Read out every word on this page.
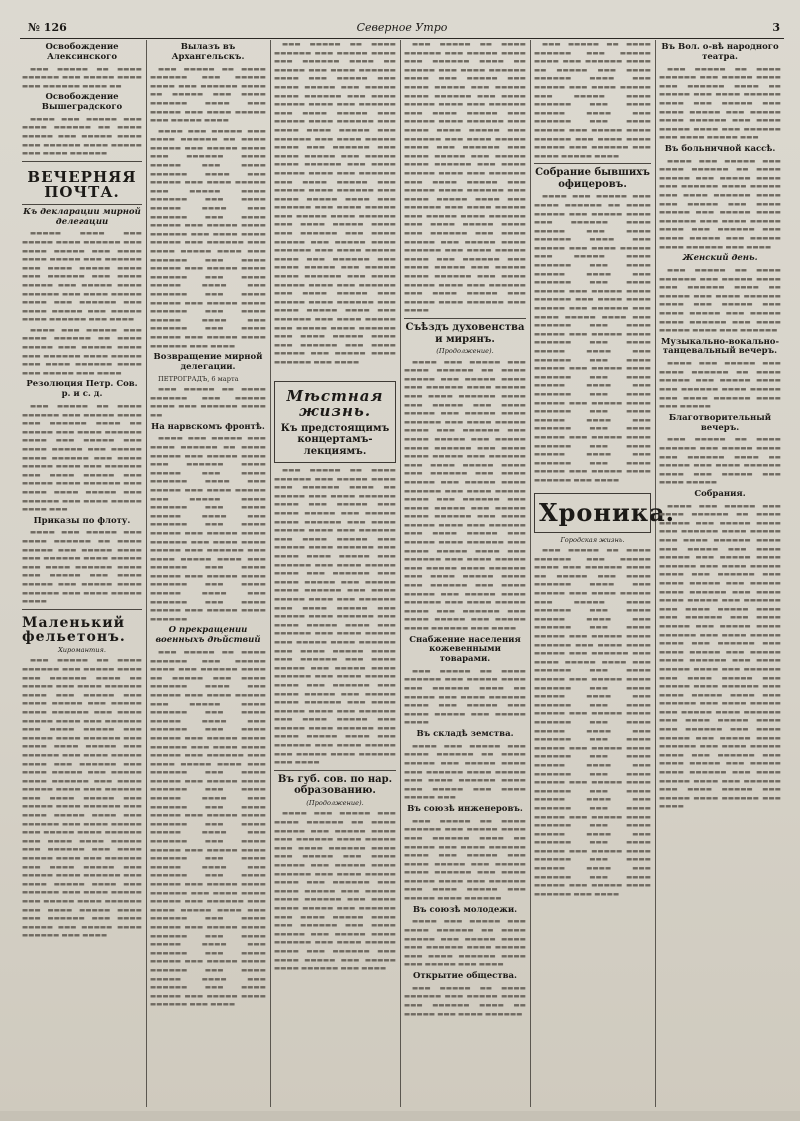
№ 126	Северное Утро	3
Освобождение Алексинского
▬▬▬ ▬▬▬▬▬ ▬▬ ▬▬▬▬ ▬▬▬▬▬▬ ▬▬▬ ▬▬▬▬▬ ▬▬▬▬ ▬▬▬ ▬▬▬▬▬▬ ▬▬▬▬ ▬▬
Освобождение Вышеградского
▬▬▬▬ ▬▬▬ ▬▬▬▬▬ ▬▬▬ ▬▬▬▬ ▬▬▬▬▬▬ ▬▬ ▬▬▬▬ ▬▬▬▬▬ ▬▬▬ ▬▬▬▬▬ ▬▬▬▬ ▬▬▬ ▬▬▬▬▬▬ ▬▬▬▬ ▬▬▬▬▬ ▬▬▬ ▬▬▬▬ ▬▬▬▬▬▬
ВЕЧЕРНЯЯ ПОЧТА.
Къ декларации мирной делегации
▬▬▬▬▬ ▬▬▬▬ ▬▬▬ ▬▬▬▬▬ ▬▬▬▬ ▬▬▬▬▬▬ ▬▬▬ ▬▬▬▬ ▬▬▬▬▬ ▬▬▬ ▬▬▬▬ ▬▬▬▬ ▬▬▬▬▬ ▬▬▬ ▬▬▬▬▬▬ ▬▬▬ ▬▬▬▬ ▬▬▬▬▬ ▬▬▬▬ ▬▬▬ ▬▬▬▬▬▬ ▬▬▬ ▬▬▬▬ ▬▬▬▬▬ ▬▬▬ ▬▬▬▬▬ ▬▬▬▬ ▬▬▬▬▬▬ ▬▬▬ ▬▬▬▬ ▬▬▬▬▬ ▬▬▬▬ ▬▬▬ ▬▬▬▬▬▬ ▬▬▬ ▬▬▬▬ ▬▬▬▬▬ ▬▬▬ ▬▬▬▬▬ ▬▬▬▬ ▬▬▬▬▬▬ ▬▬▬ ▬▬▬▬
▬▬▬▬ ▬▬▬ ▬▬▬▬▬ ▬▬▬ ▬▬▬▬ ▬▬▬▬▬▬ ▬▬ ▬▬▬▬ ▬▬▬▬▬ ▬▬▬ ▬▬▬▬▬ ▬▬▬▬ ▬▬▬ ▬▬▬▬▬▬ ▬▬▬▬ ▬▬▬▬▬ ▬▬▬ ▬▬▬▬ ▬▬▬▬▬▬ ▬▬▬▬ ▬▬▬ ▬▬▬▬▬ ▬▬▬ ▬▬▬▬
Резолюция Петр. Сов. р. и с. д.
▬▬▬ ▬▬▬▬▬ ▬▬ ▬▬▬▬ ▬▬▬▬▬▬ ▬▬▬ ▬▬▬▬▬ ▬▬▬▬ ▬▬▬ ▬▬▬▬▬▬ ▬▬▬▬ ▬▬ ▬▬▬▬▬ ▬▬▬ ▬▬▬▬ ▬▬▬▬▬▬ ▬▬▬▬ ▬▬▬ ▬▬▬▬▬ ▬▬▬ ▬▬▬▬ ▬▬▬▬▬ ▬▬▬ ▬▬▬▬▬ ▬▬▬▬ ▬▬▬▬▬▬ ▬▬▬ ▬▬▬▬ ▬▬▬▬▬ ▬▬▬▬ ▬▬▬ ▬▬▬▬▬▬ ▬▬▬ ▬▬▬▬ ▬▬▬▬▬ ▬▬▬ ▬▬▬▬▬ ▬▬▬▬ ▬▬▬▬▬▬ ▬▬▬ ▬▬▬▬ ▬▬▬▬ ▬▬▬▬▬ ▬▬▬ ▬▬▬▬▬▬ ▬▬▬ ▬▬▬▬ ▬▬▬▬▬ ▬▬▬▬ ▬▬▬
Приказы по флоту.
▬▬▬▬ ▬▬▬ ▬▬▬▬▬ ▬▬▬ ▬▬▬▬ ▬▬▬▬▬▬ ▬▬ ▬▬▬▬ ▬▬▬▬▬ ▬▬▬ ▬▬▬▬▬ ▬▬▬▬ ▬▬▬ ▬▬▬▬▬▬ ▬▬▬▬ ▬▬▬▬▬ ▬▬▬ ▬▬▬▬ ▬▬▬▬▬▬ ▬▬▬▬ ▬▬▬ ▬▬▬▬▬ ▬▬▬ ▬▬▬▬ ▬▬▬▬▬ ▬▬▬ ▬▬▬▬▬ ▬▬▬▬ ▬▬▬▬▬▬ ▬▬▬ ▬▬▬▬ ▬▬▬▬▬ ▬▬▬▬
Маленький фельетонъ.
Хиромантия.
▬▬▬ ▬▬▬▬▬ ▬▬ ▬▬▬▬ ▬▬▬▬▬▬ ▬▬▬ ▬▬▬▬▬ ▬▬▬▬ ▬▬▬ ▬▬▬▬▬▬ ▬▬▬▬ ▬▬ ▬▬▬▬▬ ▬▬▬ ▬▬▬▬ ▬▬▬▬▬▬ ▬▬▬▬ ▬▬▬ ▬▬▬▬▬ ▬▬▬ ▬▬▬▬ ▬▬▬▬▬ ▬▬▬ ▬▬▬▬▬ ▬▬▬▬ ▬▬▬▬▬▬ ▬▬▬ ▬▬▬▬ ▬▬▬▬▬ ▬▬▬▬ ▬▬▬ ▬▬▬▬▬▬ ▬▬▬ ▬▬▬▬ ▬▬▬▬▬ ▬▬▬ ▬▬▬▬▬ ▬▬▬▬ ▬▬▬▬▬▬ ▬▬▬ ▬▬▬▬ ▬▬▬▬ ▬▬▬▬▬ ▬▬▬ ▬▬▬▬▬▬ ▬▬▬ ▬▬▬▬ ▬▬▬▬▬ ▬▬▬▬ ▬▬▬ ▬▬▬▬▬▬ ▬▬▬ ▬▬▬▬ ▬▬▬▬▬ ▬▬▬ ▬▬▬▬▬ ▬▬▬▬ ▬▬▬▬▬▬ ▬▬▬ ▬▬▬▬ ▬▬▬▬▬ ▬▬▬▬ ▬▬▬ ▬▬▬▬▬▬ ▬▬▬ ▬▬▬▬ ▬▬▬▬▬ ▬▬▬ ▬▬▬▬▬ ▬▬▬▬ ▬▬▬▬▬▬ ▬▬▬ ▬▬▬▬ ▬▬▬▬▬ ▬▬▬▬ ▬▬▬ ▬▬▬▬▬▬ ▬▬▬ ▬▬▬▬ ▬▬▬▬▬ ▬▬▬ ▬▬▬▬▬ ▬▬▬▬ ▬▬▬▬▬▬ ▬▬▬ ▬▬▬▬ ▬▬▬▬ ▬▬▬▬▬ ▬▬▬ ▬▬▬▬▬▬ ▬▬▬ ▬▬▬▬ ▬▬▬▬▬ ▬▬▬▬ ▬▬▬ ▬▬▬▬▬▬ ▬▬▬ ▬▬▬▬ ▬▬▬▬▬ ▬▬▬ ▬▬▬▬▬ ▬▬▬▬ ▬▬▬▬▬▬ ▬▬▬ ▬▬▬▬ ▬▬▬▬▬ ▬▬▬▬ ▬▬▬ ▬▬▬▬▬▬ ▬▬▬ ▬▬▬▬ ▬▬▬▬▬ ▬▬▬ ▬▬▬▬▬ ▬▬▬▬ ▬▬▬▬▬▬ ▬▬▬ ▬▬▬▬ ▬▬▬▬▬ ▬▬▬▬ ▬▬▬ ▬▬▬▬▬▬ ▬▬▬ ▬▬▬▬ ▬▬▬▬▬ ▬▬▬ ▬▬▬▬▬ ▬▬▬▬ ▬▬▬▬▬▬ ▬▬▬ ▬▬▬▬
Вылазъ въ Архангельскъ.
▬▬▬ ▬▬▬▬▬ ▬▬ ▬▬▬▬ ▬▬▬▬▬▬ ▬▬▬ ▬▬▬▬▬ ▬▬▬▬ ▬▬▬ ▬▬▬▬▬▬ ▬▬▬▬ ▬▬ ▬▬▬▬▬ ▬▬▬ ▬▬▬▬ ▬▬▬▬▬▬ ▬▬▬▬ ▬▬▬ ▬▬▬▬▬ ▬▬▬ ▬▬▬▬ ▬▬▬▬▬ ▬▬▬ ▬▬▬▬▬ ▬▬▬▬
▬▬▬▬ ▬▬▬ ▬▬▬▬▬ ▬▬▬ ▬▬▬▬ ▬▬▬▬▬▬ ▬▬ ▬▬▬▬ ▬▬▬▬▬ ▬▬▬ ▬▬▬▬▬ ▬▬▬▬ ▬▬▬ ▬▬▬▬▬▬ ▬▬▬▬ ▬▬▬▬▬ ▬▬▬ ▬▬▬▬ ▬▬▬▬▬▬ ▬▬▬▬ ▬▬▬ ▬▬▬▬▬ ▬▬▬ ▬▬▬▬ ▬▬▬▬▬ ▬▬▬ ▬▬▬▬▬ ▬▬▬▬ ▬▬▬▬▬▬ ▬▬▬ ▬▬▬▬ ▬▬▬▬▬ ▬▬▬▬ ▬▬▬ ▬▬▬▬▬▬ ▬▬▬ ▬▬▬▬ ▬▬▬▬▬ ▬▬▬ ▬▬▬▬▬ ▬▬▬▬ ▬▬▬▬▬▬ ▬▬▬ ▬▬▬▬ ▬▬▬▬ ▬▬▬▬▬ ▬▬▬ ▬▬▬▬▬▬ ▬▬▬ ▬▬▬▬ ▬▬▬▬▬ ▬▬▬▬ ▬▬▬ ▬▬▬▬▬▬ ▬▬▬ ▬▬▬▬ ▬▬▬▬▬ ▬▬▬ ▬▬▬▬▬ ▬▬▬▬ ▬▬▬▬▬▬ ▬▬▬ ▬▬▬▬ ▬▬▬▬▬ ▬▬▬▬ ▬▬▬ ▬▬▬▬▬▬ ▬▬▬ ▬▬▬▬ ▬▬▬▬▬ ▬▬▬ ▬▬▬▬▬ ▬▬▬▬ ▬▬▬▬▬▬ ▬▬▬ ▬▬▬▬ ▬▬▬▬▬ ▬▬▬▬ ▬▬▬ ▬▬▬▬▬▬ ▬▬▬ ▬▬▬▬ ▬▬▬▬▬ ▬▬▬ ▬▬▬▬▬ ▬▬▬▬ ▬▬▬▬▬▬ ▬▬▬ ▬▬▬▬
Возвращение мирной делегации.
ПЕТРОГРАДЪ, 6 марта
▬▬▬ ▬▬▬▬▬ ▬▬ ▬▬▬▬ ▬▬▬▬▬▬ ▬▬▬ ▬▬▬▬▬ ▬▬▬▬ ▬▬▬ ▬▬▬▬▬▬ ▬▬▬▬ ▬▬
На нарвскомъ фронтѣ.
▬▬▬▬ ▬▬▬ ▬▬▬▬▬ ▬▬▬ ▬▬▬▬ ▬▬▬▬▬▬ ▬▬ ▬▬▬▬ ▬▬▬▬▬ ▬▬▬ ▬▬▬▬▬ ▬▬▬▬ ▬▬▬ ▬▬▬▬▬▬ ▬▬▬▬ ▬▬▬▬▬ ▬▬▬ ▬▬▬▬ ▬▬▬▬▬▬ ▬▬▬▬ ▬▬▬ ▬▬▬▬▬ ▬▬▬ ▬▬▬▬ ▬▬▬▬▬ ▬▬▬ ▬▬▬▬▬ ▬▬▬▬ ▬▬▬▬▬▬ ▬▬▬ ▬▬▬▬ ▬▬▬▬▬ ▬▬▬▬ ▬▬▬ ▬▬▬▬▬▬ ▬▬▬ ▬▬▬▬ ▬▬▬▬▬ ▬▬▬ ▬▬▬▬▬ ▬▬▬▬ ▬▬▬▬▬▬ ▬▬▬ ▬▬▬▬ ▬▬▬▬ ▬▬▬▬▬ ▬▬▬ ▬▬▬▬▬▬ ▬▬▬ ▬▬▬▬ ▬▬▬▬▬ ▬▬▬▬ ▬▬▬ ▬▬▬▬▬▬ ▬▬▬ ▬▬▬▬ ▬▬▬▬▬ ▬▬▬ ▬▬▬▬▬ ▬▬▬▬ ▬▬▬▬▬▬ ▬▬▬ ▬▬▬▬ ▬▬▬▬▬ ▬▬▬▬ ▬▬▬ ▬▬▬▬▬▬ ▬▬▬ ▬▬▬▬ ▬▬▬▬▬ ▬▬▬ ▬▬▬▬▬ ▬▬▬▬ ▬▬▬▬▬▬
О прекращении военныхъ дѣйствий
▬▬▬ ▬▬▬▬▬ ▬▬ ▬▬▬▬ ▬▬▬▬▬▬ ▬▬▬ ▬▬▬▬▬ ▬▬▬▬ ▬▬▬ ▬▬▬▬▬▬ ▬▬▬▬ ▬▬ ▬▬▬▬▬ ▬▬▬ ▬▬▬▬ ▬▬▬▬▬▬ ▬▬▬▬ ▬▬▬ ▬▬▬▬▬ ▬▬▬ ▬▬▬▬ ▬▬▬▬▬ ▬▬▬ ▬▬▬▬▬ ▬▬▬▬ ▬▬▬▬▬▬ ▬▬▬ ▬▬▬▬ ▬▬▬▬▬ ▬▬▬▬ ▬▬▬ ▬▬▬▬▬▬ ▬▬▬ ▬▬▬▬ ▬▬▬▬▬ ▬▬▬ ▬▬▬▬▬ ▬▬▬▬ ▬▬▬▬▬▬ ▬▬▬ ▬▬▬▬ ▬▬▬▬ ▬▬▬▬▬ ▬▬▬ ▬▬▬▬▬▬ ▬▬▬ ▬▬▬▬ ▬▬▬▬▬ ▬▬▬▬ ▬▬▬ ▬▬▬▬▬▬ ▬▬▬ ▬▬▬▬ ▬▬▬▬▬ ▬▬▬ ▬▬▬▬▬ ▬▬▬▬ ▬▬▬▬▬▬ ▬▬▬ ▬▬▬▬ ▬▬▬▬▬ ▬▬▬▬ ▬▬▬ ▬▬▬▬▬▬ ▬▬▬ ▬▬▬▬ ▬▬▬▬▬ ▬▬▬ ▬▬▬▬▬ ▬▬▬▬ ▬▬▬▬▬▬ ▬▬▬ ▬▬▬▬ ▬▬▬▬▬ ▬▬▬▬ ▬▬▬ ▬▬▬▬▬▬ ▬▬▬ ▬▬▬▬ ▬▬▬▬▬ ▬▬▬ ▬▬▬▬▬ ▬▬▬▬ ▬▬▬▬▬▬ ▬▬▬ ▬▬▬▬ ▬▬▬▬▬ ▬▬▬▬ ▬▬▬ ▬▬▬▬▬▬ ▬▬▬ ▬▬▬▬ ▬▬▬▬▬ ▬▬▬ ▬▬▬▬▬ ▬▬▬▬ ▬▬▬▬▬▬ ▬▬▬ ▬▬▬▬ ▬▬▬▬ ▬▬▬▬▬ ▬▬▬ ▬▬▬▬▬▬ ▬▬▬ ▬▬▬▬ ▬▬▬▬▬ ▬▬▬▬ ▬▬▬ ▬▬▬▬▬▬ ▬▬▬ ▬▬▬▬ ▬▬▬▬▬ ▬▬▬ ▬▬▬▬▬ ▬▬▬▬ ▬▬▬▬▬▬ ▬▬▬ ▬▬▬▬ ▬▬▬▬▬ ▬▬▬▬ ▬▬▬ ▬▬▬▬▬▬ ▬▬▬ ▬▬▬▬ ▬▬▬▬▬ ▬▬▬ ▬▬▬▬▬ ▬▬▬▬ ▬▬▬▬▬▬ ▬▬▬ ▬▬▬▬ ▬▬▬▬▬ ▬▬▬▬ ▬▬▬ ▬▬▬▬▬▬ ▬▬▬ ▬▬▬▬ ▬▬▬▬▬ ▬▬▬ ▬▬▬▬▬ ▬▬▬▬ ▬▬▬▬▬▬ ▬▬▬ ▬▬▬▬
▬▬▬ ▬▬▬▬▬ ▬▬ ▬▬▬▬ ▬▬▬▬▬▬ ▬▬▬ ▬▬▬▬▬ ▬▬▬▬ ▬▬▬ ▬▬▬▬▬▬ ▬▬▬▬ ▬▬ ▬▬▬▬▬ ▬▬▬ ▬▬▬▬ ▬▬▬▬▬▬ ▬▬▬▬ ▬▬▬ ▬▬▬▬▬ ▬▬▬ ▬▬▬▬ ▬▬▬▬▬ ▬▬▬ ▬▬▬▬▬ ▬▬▬▬ ▬▬▬▬▬▬ ▬▬▬ ▬▬▬▬ ▬▬▬▬▬ ▬▬▬▬ ▬▬▬ ▬▬▬▬▬▬ ▬▬▬ ▬▬▬▬ ▬▬▬▬▬ ▬▬▬ ▬▬▬▬▬ ▬▬▬▬ ▬▬▬▬▬▬ ▬▬▬ ▬▬▬▬ ▬▬▬▬ ▬▬▬▬▬ ▬▬▬ ▬▬▬▬▬▬ ▬▬▬ ▬▬▬▬ ▬▬▬▬▬ ▬▬▬▬ ▬▬▬ ▬▬▬▬▬▬ ▬▬▬ ▬▬▬▬ ▬▬▬▬▬ ▬▬▬ ▬▬▬▬▬ ▬▬▬▬ ▬▬▬▬▬▬ ▬▬▬ ▬▬▬▬ ▬▬▬▬▬ ▬▬▬▬ ▬▬▬ ▬▬▬▬▬▬ ▬▬▬ ▬▬▬▬ ▬▬▬▬▬ ▬▬▬ ▬▬▬▬▬ ▬▬▬▬ ▬▬▬▬▬▬ ▬▬▬ ▬▬▬▬ ▬▬▬▬▬ ▬▬▬▬ ▬▬▬ ▬▬▬▬▬▬ ▬▬▬ ▬▬▬▬ ▬▬▬▬▬ ▬▬▬ ▬▬▬▬▬ ▬▬▬▬ ▬▬▬▬▬▬ ▬▬▬ ▬▬▬▬ ▬▬▬▬▬ ▬▬▬▬ ▬▬▬ ▬▬▬▬▬▬ ▬▬▬ ▬▬▬▬ ▬▬▬▬▬ ▬▬▬ ▬▬▬▬▬ ▬▬▬▬ ▬▬▬▬▬▬ ▬▬▬ ▬▬▬▬ ▬▬▬▬▬ ▬▬▬▬ ▬▬▬ ▬▬▬▬▬▬ ▬▬▬ ▬▬▬▬ ▬▬▬▬▬ ▬▬▬ ▬▬▬▬▬ ▬▬▬▬ ▬▬▬▬▬▬ ▬▬▬ ▬▬▬▬ ▬▬▬▬▬ ▬▬▬▬ ▬▬▬ ▬▬▬▬▬▬ ▬▬▬ ▬▬▬▬ ▬▬▬▬▬ ▬▬▬ ▬▬▬▬▬ ▬▬▬▬ ▬▬▬▬▬▬ ▬▬▬ ▬▬▬▬ ▬▬▬▬▬ ▬▬▬▬ ▬▬▬ ▬▬▬▬▬▬ ▬▬▬ ▬▬▬▬ ▬▬▬▬▬ ▬▬▬ ▬▬▬▬▬ ▬▬▬▬ ▬▬▬▬▬▬ ▬▬▬ ▬▬▬▬ ▬▬▬▬▬ ▬▬▬▬ ▬▬▬ ▬▬▬▬▬▬ ▬▬▬ ▬▬▬▬ ▬▬▬▬▬ ▬▬▬ ▬▬▬▬▬ ▬▬▬▬ ▬▬▬▬▬▬ ▬▬▬ ▬▬▬▬
Мѣстная жизнь.
Къ предстоящимъ концертамъ-лекциямъ.
▬▬▬ ▬▬▬▬▬ ▬▬ ▬▬▬▬ ▬▬▬▬▬▬ ▬▬▬ ▬▬▬▬▬ ▬▬▬▬ ▬▬▬ ▬▬▬▬▬▬ ▬▬▬▬ ▬▬ ▬▬▬▬▬ ▬▬▬ ▬▬▬▬ ▬▬▬▬▬▬ ▬▬▬▬ ▬▬▬ ▬▬▬▬▬ ▬▬▬ ▬▬▬▬ ▬▬▬▬▬ ▬▬▬ ▬▬▬▬▬ ▬▬▬▬ ▬▬▬▬▬▬ ▬▬▬ ▬▬▬▬ ▬▬▬▬▬ ▬▬▬▬ ▬▬▬ ▬▬▬▬▬▬ ▬▬▬ ▬▬▬▬ ▬▬▬▬▬ ▬▬▬ ▬▬▬▬▬ ▬▬▬▬ ▬▬▬▬▬▬ ▬▬▬ ▬▬▬▬ ▬▬▬▬ ▬▬▬▬▬ ▬▬▬ ▬▬▬▬▬▬ ▬▬▬ ▬▬▬▬ ▬▬▬▬▬ ▬▬▬▬ ▬▬▬ ▬▬▬▬▬▬ ▬▬▬ ▬▬▬▬ ▬▬▬▬▬ ▬▬▬ ▬▬▬▬▬ ▬▬▬▬ ▬▬▬▬▬▬ ▬▬▬ ▬▬▬▬ ▬▬▬▬▬ ▬▬▬▬ ▬▬▬ ▬▬▬▬▬▬ ▬▬▬ ▬▬▬▬ ▬▬▬▬▬ ▬▬▬ ▬▬▬▬▬ ▬▬▬▬ ▬▬▬▬▬▬ ▬▬▬ ▬▬▬▬ ▬▬▬▬▬ ▬▬▬▬ ▬▬▬ ▬▬▬▬▬▬ ▬▬▬ ▬▬▬▬ ▬▬▬▬▬ ▬▬▬ ▬▬▬▬▬ ▬▬▬▬ ▬▬▬▬▬▬ ▬▬▬ ▬▬▬▬ ▬▬▬▬▬ ▬▬▬▬ ▬▬▬ ▬▬▬▬▬▬ ▬▬▬ ▬▬▬▬ ▬▬▬▬▬ ▬▬▬ ▬▬▬▬▬ ▬▬▬▬ ▬▬▬▬▬▬ ▬▬▬ ▬▬▬▬ ▬▬▬▬▬ ▬▬▬▬ ▬▬▬ ▬▬▬▬▬▬ ▬▬▬ ▬▬▬▬ ▬▬▬▬▬ ▬▬▬ ▬▬▬▬▬ ▬▬▬▬ ▬▬▬▬▬▬ ▬▬▬ ▬▬▬▬ ▬▬▬▬▬ ▬▬▬▬ ▬▬▬ ▬▬▬▬▬▬ ▬▬▬ ▬▬▬▬ ▬▬▬▬▬ ▬▬▬ ▬▬▬▬▬ ▬▬▬▬ ▬▬▬▬▬▬ ▬▬▬ ▬▬▬▬ ▬▬▬▬▬ ▬▬▬▬ ▬▬▬ ▬▬▬▬▬▬ ▬▬▬ ▬▬▬▬ ▬▬▬▬▬ ▬▬▬ ▬▬▬▬▬ ▬▬▬▬ ▬▬▬▬▬▬ ▬▬▬ ▬▬▬▬
Въ губ. сов. по нар. образованию.
(Продолжение).
▬▬▬▬ ▬▬▬ ▬▬▬▬▬ ▬▬▬ ▬▬▬▬ ▬▬▬▬▬▬ ▬▬ ▬▬▬▬ ▬▬▬▬▬ ▬▬▬ ▬▬▬▬▬ ▬▬▬▬ ▬▬▬ ▬▬▬▬▬▬ ▬▬▬▬ ▬▬▬▬▬ ▬▬▬ ▬▬▬▬ ▬▬▬▬▬▬ ▬▬▬▬ ▬▬▬ ▬▬▬▬▬ ▬▬▬ ▬▬▬▬ ▬▬▬▬▬ ▬▬▬ ▬▬▬▬▬ ▬▬▬▬ ▬▬▬▬▬▬ ▬▬▬ ▬▬▬▬ ▬▬▬▬▬ ▬▬▬▬ ▬▬▬ ▬▬▬▬▬▬ ▬▬▬ ▬▬▬▬ ▬▬▬▬▬ ▬▬▬ ▬▬▬▬▬ ▬▬▬▬ ▬▬▬▬▬▬ ▬▬▬ ▬▬▬▬ ▬▬▬▬ ▬▬▬▬▬ ▬▬▬ ▬▬▬▬▬▬ ▬▬▬ ▬▬▬▬ ▬▬▬▬▬ ▬▬▬▬ ▬▬▬ ▬▬▬▬▬▬ ▬▬▬ ▬▬▬▬ ▬▬▬▬▬ ▬▬▬ ▬▬▬▬▬ ▬▬▬▬ ▬▬▬▬▬▬ ▬▬▬ ▬▬▬▬ ▬▬▬▬▬ ▬▬▬▬ ▬▬▬ ▬▬▬▬▬▬ ▬▬▬ ▬▬▬▬ ▬▬▬▬▬ ▬▬▬ ▬▬▬▬▬ ▬▬▬▬ ▬▬▬▬▬▬ ▬▬▬ ▬▬▬▬
▬▬▬ ▬▬▬▬▬ ▬▬ ▬▬▬▬ ▬▬▬▬▬▬ ▬▬▬ ▬▬▬▬▬ ▬▬▬▬ ▬▬▬ ▬▬▬▬▬▬ ▬▬▬▬ ▬▬ ▬▬▬▬▬ ▬▬▬ ▬▬▬▬ ▬▬▬▬▬▬ ▬▬▬▬ ▬▬▬ ▬▬▬▬▬ ▬▬▬ ▬▬▬▬ ▬▬▬▬▬ ▬▬▬ ▬▬▬▬▬ ▬▬▬▬ ▬▬▬▬▬▬ ▬▬▬ ▬▬▬▬ ▬▬▬▬▬ ▬▬▬▬ ▬▬▬ ▬▬▬▬▬▬ ▬▬▬ ▬▬▬▬ ▬▬▬▬▬ ▬▬▬ ▬▬▬▬▬ ▬▬▬▬ ▬▬▬▬▬▬ ▬▬▬ ▬▬▬▬ ▬▬▬▬ ▬▬▬▬▬ ▬▬▬ ▬▬▬▬▬▬ ▬▬▬ ▬▬▬▬ ▬▬▬▬▬ ▬▬▬▬ ▬▬▬ ▬▬▬▬▬▬ ▬▬▬ ▬▬▬▬ ▬▬▬▬▬ ▬▬▬ ▬▬▬▬▬ ▬▬▬▬ ▬▬▬▬▬▬ ▬▬▬ ▬▬▬▬ ▬▬▬▬▬ ▬▬▬▬ ▬▬▬ ▬▬▬▬▬▬ ▬▬▬ ▬▬▬▬ ▬▬▬▬▬ ▬▬▬ ▬▬▬▬▬ ▬▬▬▬ ▬▬▬▬▬▬ ▬▬▬ ▬▬▬▬ ▬▬▬▬▬ ▬▬▬▬ ▬▬▬ ▬▬▬▬▬▬ ▬▬▬ ▬▬▬▬ ▬▬▬▬▬ ▬▬▬ ▬▬▬▬▬ ▬▬▬▬ ▬▬▬▬▬▬ ▬▬▬ ▬▬▬▬ ▬▬▬▬▬ ▬▬▬▬ ▬▬▬ ▬▬▬▬▬▬ ▬▬▬ ▬▬▬▬ ▬▬▬▬▬ ▬▬▬ ▬▬▬▬▬ ▬▬▬▬ ▬▬▬▬▬▬ ▬▬▬ ▬▬▬▬ ▬▬▬▬▬ ▬▬▬▬ ▬▬▬ ▬▬▬▬▬▬ ▬▬▬ ▬▬▬▬ ▬▬▬▬▬ ▬▬▬ ▬▬▬▬▬ ▬▬▬▬ ▬▬▬▬▬▬ ▬▬▬ ▬▬▬▬ ▬▬▬▬▬ ▬▬▬▬ ▬▬▬ ▬▬▬▬▬▬ ▬▬▬ ▬▬▬▬ ▬▬▬▬▬ ▬▬▬ ▬▬▬▬▬ ▬▬▬▬ ▬▬▬▬▬▬ ▬▬▬ ▬▬▬▬
Съѣздъ духовенства и мирянъ.
(Продолжение).
▬▬▬▬ ▬▬▬ ▬▬▬▬▬ ▬▬▬ ▬▬▬▬ ▬▬▬▬▬▬ ▬▬ ▬▬▬▬ ▬▬▬▬▬ ▬▬▬ ▬▬▬▬▬ ▬▬▬▬ ▬▬▬ ▬▬▬▬▬▬ ▬▬▬▬ ▬▬▬▬▬ ▬▬▬ ▬▬▬▬ ▬▬▬▬▬▬ ▬▬▬▬ ▬▬▬ ▬▬▬▬▬ ▬▬▬ ▬▬▬▬ ▬▬▬▬▬ ▬▬▬ ▬▬▬▬▬ ▬▬▬▬ ▬▬▬▬▬▬ ▬▬▬ ▬▬▬▬ ▬▬▬▬▬ ▬▬▬▬ ▬▬▬ ▬▬▬▬▬▬ ▬▬▬ ▬▬▬▬ ▬▬▬▬▬ ▬▬▬ ▬▬▬▬▬ ▬▬▬▬ ▬▬▬▬▬▬ ▬▬▬ ▬▬▬▬ ▬▬▬▬ ▬▬▬▬▬ ▬▬▬ ▬▬▬▬▬▬ ▬▬▬ ▬▬▬▬ ▬▬▬▬▬ ▬▬▬▬ ▬▬▬ ▬▬▬▬▬▬ ▬▬▬ ▬▬▬▬ ▬▬▬▬▬ ▬▬▬ ▬▬▬▬▬ ▬▬▬▬ ▬▬▬▬▬▬ ▬▬▬ ▬▬▬▬ ▬▬▬▬▬ ▬▬▬▬ ▬▬▬ ▬▬▬▬▬▬ ▬▬▬ ▬▬▬▬ ▬▬▬▬▬ ▬▬▬ ▬▬▬▬▬ ▬▬▬▬ ▬▬▬▬▬▬ ▬▬▬ ▬▬▬▬ ▬▬▬▬▬ ▬▬▬▬ ▬▬▬ ▬▬▬▬▬▬ ▬▬▬ ▬▬▬▬ ▬▬▬▬▬ ▬▬▬ ▬▬▬▬▬ ▬▬▬▬ ▬▬▬▬▬▬ ▬▬▬ ▬▬▬▬ ▬▬▬▬▬ ▬▬▬▬ ▬▬▬ ▬▬▬▬▬▬ ▬▬▬ ▬▬▬▬ ▬▬▬▬▬ ▬▬▬ ▬▬▬▬▬ ▬▬▬▬ ▬▬▬▬▬▬ ▬▬▬ ▬▬▬▬ ▬▬▬▬▬ ▬▬▬▬ ▬▬▬ ▬▬▬▬▬▬ ▬▬▬ ▬▬▬▬ ▬▬▬▬▬ ▬▬▬ ▬▬▬▬▬ ▬▬▬▬ ▬▬▬▬▬▬ ▬▬▬ ▬▬▬▬ ▬▬▬▬▬ ▬▬▬▬ ▬▬▬ ▬▬▬▬▬▬ ▬▬▬ ▬▬▬▬ ▬▬▬▬▬ ▬▬▬ ▬▬▬▬▬ ▬▬▬▬ ▬▬▬▬▬▬ ▬▬▬ ▬▬▬▬
Снабжение населения кожевенными товарами.
▬▬▬ ▬▬▬▬▬ ▬▬ ▬▬▬▬ ▬▬▬▬▬▬ ▬▬▬ ▬▬▬▬▬ ▬▬▬▬ ▬▬▬ ▬▬▬▬▬▬ ▬▬▬▬ ▬▬ ▬▬▬▬▬ ▬▬▬ ▬▬▬▬ ▬▬▬▬▬▬ ▬▬▬▬ ▬▬▬ ▬▬▬▬▬ ▬▬▬ ▬▬▬▬ ▬▬▬▬▬ ▬▬▬ ▬▬▬▬▬ ▬▬▬▬
Въ складѣ земства.
▬▬▬▬ ▬▬▬ ▬▬▬▬▬ ▬▬▬ ▬▬▬▬ ▬▬▬▬▬▬ ▬▬ ▬▬▬▬ ▬▬▬▬▬ ▬▬▬ ▬▬▬▬▬ ▬▬▬▬ ▬▬▬ ▬▬▬▬▬▬ ▬▬▬▬ ▬▬▬▬▬ ▬▬▬ ▬▬▬▬ ▬▬▬▬▬▬ ▬▬▬▬ ▬▬▬ ▬▬▬▬▬ ▬▬▬ ▬▬▬▬ ▬▬▬▬▬ ▬▬▬
Въ союзѣ инженеровъ.
▬▬▬ ▬▬▬▬▬ ▬▬ ▬▬▬▬ ▬▬▬▬▬▬ ▬▬▬ ▬▬▬▬▬ ▬▬▬▬ ▬▬▬ ▬▬▬▬▬▬ ▬▬▬▬ ▬▬ ▬▬▬▬▬ ▬▬▬ ▬▬▬▬ ▬▬▬▬▬▬ ▬▬▬▬ ▬▬▬ ▬▬▬▬▬ ▬▬▬ ▬▬▬▬ ▬▬▬▬▬ ▬▬▬ ▬▬▬▬▬ ▬▬▬▬ ▬▬▬▬▬▬ ▬▬▬ ▬▬▬▬ ▬▬▬▬▬ ▬▬▬▬ ▬▬▬ ▬▬▬▬▬▬ ▬▬▬ ▬▬▬▬ ▬▬▬▬▬ ▬▬▬ ▬▬▬▬▬ ▬▬▬▬ ▬▬▬▬▬▬
Въ союзѣ молодежи.
▬▬▬▬ ▬▬▬ ▬▬▬▬▬ ▬▬▬ ▬▬▬▬ ▬▬▬▬▬▬ ▬▬ ▬▬▬▬ ▬▬▬▬▬ ▬▬▬ ▬▬▬▬▬ ▬▬▬▬ ▬▬▬ ▬▬▬▬▬▬ ▬▬▬▬ ▬▬▬▬▬ ▬▬▬ ▬▬▬▬ ▬▬▬▬▬▬ ▬▬▬▬ ▬▬▬ ▬▬▬▬▬ ▬▬▬ ▬▬▬▬
Открытие общества.
▬▬▬ ▬▬▬▬▬ ▬▬ ▬▬▬▬ ▬▬▬▬▬▬ ▬▬▬ ▬▬▬▬▬ ▬▬▬▬ ▬▬▬ ▬▬▬▬▬▬ ▬▬▬▬ ▬▬ ▬▬▬▬▬ ▬▬▬ ▬▬▬▬ ▬▬▬▬▬▬
▬▬▬ ▬▬▬▬▬ ▬▬ ▬▬▬▬ ▬▬▬▬▬▬ ▬▬▬ ▬▬▬▬▬ ▬▬▬▬ ▬▬▬ ▬▬▬▬▬▬ ▬▬▬▬ ▬▬ ▬▬▬▬▬ ▬▬▬ ▬▬▬▬ ▬▬▬▬▬▬ ▬▬▬▬ ▬▬▬ ▬▬▬▬▬ ▬▬▬ ▬▬▬▬ ▬▬▬▬▬ ▬▬▬ ▬▬▬▬▬ ▬▬▬▬ ▬▬▬▬▬▬ ▬▬▬ ▬▬▬▬ ▬▬▬▬▬ ▬▬▬▬ ▬▬▬ ▬▬▬▬▬▬ ▬▬▬ ▬▬▬▬ ▬▬▬▬▬ ▬▬▬ ▬▬▬▬▬ ▬▬▬▬ ▬▬▬▬▬▬ ▬▬▬ ▬▬▬▬ ▬▬▬▬ ▬▬▬▬▬ ▬▬▬ ▬▬▬▬▬▬ ▬▬▬ ▬▬▬▬ ▬▬▬▬▬ ▬▬▬▬
Собрание бывшихъ офицеровъ.
▬▬▬▬ ▬▬▬ ▬▬▬▬▬ ▬▬▬ ▬▬▬▬ ▬▬▬▬▬▬ ▬▬ ▬▬▬▬ ▬▬▬▬▬ ▬▬▬ ▬▬▬▬▬ ▬▬▬▬ ▬▬▬ ▬▬▬▬▬▬ ▬▬▬▬ ▬▬▬▬▬ ▬▬▬ ▬▬▬▬ ▬▬▬▬▬▬ ▬▬▬▬ ▬▬▬ ▬▬▬▬▬ ▬▬▬ ▬▬▬▬ ▬▬▬▬▬ ▬▬▬ ▬▬▬▬▬ ▬▬▬▬ ▬▬▬▬▬▬ ▬▬▬ ▬▬▬▬ ▬▬▬▬▬ ▬▬▬▬ ▬▬▬ ▬▬▬▬▬▬ ▬▬▬ ▬▬▬▬ ▬▬▬▬▬ ▬▬▬ ▬▬▬▬▬ ▬▬▬▬ ▬▬▬▬▬▬ ▬▬▬ ▬▬▬▬ ▬▬▬▬ ▬▬▬▬▬ ▬▬▬ ▬▬▬▬▬▬ ▬▬▬ ▬▬▬▬ ▬▬▬▬▬ ▬▬▬▬ ▬▬▬ ▬▬▬▬▬▬ ▬▬▬ ▬▬▬▬ ▬▬▬▬▬ ▬▬▬ ▬▬▬▬▬ ▬▬▬▬ ▬▬▬▬▬▬ ▬▬▬ ▬▬▬▬ ▬▬▬▬▬ ▬▬▬▬ ▬▬▬ ▬▬▬▬▬▬ ▬▬▬ ▬▬▬▬ ▬▬▬▬▬ ▬▬▬ ▬▬▬▬▬ ▬▬▬▬ ▬▬▬▬▬▬ ▬▬▬ ▬▬▬▬ ▬▬▬▬▬ ▬▬▬▬ ▬▬▬ ▬▬▬▬▬▬ ▬▬▬ ▬▬▬▬ ▬▬▬▬▬ ▬▬▬ ▬▬▬▬▬ ▬▬▬▬ ▬▬▬▬▬▬ ▬▬▬ ▬▬▬▬ ▬▬▬▬▬ ▬▬▬▬ ▬▬▬ ▬▬▬▬▬▬ ▬▬▬ ▬▬▬▬ ▬▬▬▬▬ ▬▬▬ ▬▬▬▬▬ ▬▬▬▬ ▬▬▬▬▬▬ ▬▬▬ ▬▬▬▬ ▬▬▬▬▬ ▬▬▬▬ ▬▬▬ ▬▬▬▬▬▬ ▬▬▬ ▬▬▬▬ ▬▬▬▬▬ ▬▬▬ ▬▬▬▬▬ ▬▬▬▬ ▬▬▬▬▬▬ ▬▬▬ ▬▬▬▬
Хроника.
Городская жизнь.
▬▬▬ ▬▬▬▬▬ ▬▬ ▬▬▬▬ ▬▬▬▬▬▬ ▬▬▬ ▬▬▬▬▬ ▬▬▬▬ ▬▬▬ ▬▬▬▬▬▬ ▬▬▬▬ ▬▬ ▬▬▬▬▬ ▬▬▬ ▬▬▬▬ ▬▬▬▬▬▬ ▬▬▬▬ ▬▬▬ ▬▬▬▬▬ ▬▬▬ ▬▬▬▬ ▬▬▬▬▬ ▬▬▬ ▬▬▬▬▬ ▬▬▬▬ ▬▬▬▬▬▬ ▬▬▬ ▬▬▬▬ ▬▬▬▬▬ ▬▬▬▬ ▬▬▬ ▬▬▬▬▬▬ ▬▬▬ ▬▬▬▬ ▬▬▬▬▬ ▬▬▬ ▬▬▬▬▬ ▬▬▬▬ ▬▬▬▬▬▬ ▬▬▬ ▬▬▬▬ ▬▬▬▬ ▬▬▬▬▬ ▬▬▬ ▬▬▬▬▬▬ ▬▬▬ ▬▬▬▬ ▬▬▬▬▬ ▬▬▬▬ ▬▬▬ ▬▬▬▬▬▬ ▬▬▬ ▬▬▬▬ ▬▬▬▬▬ ▬▬▬ ▬▬▬▬▬ ▬▬▬▬ ▬▬▬▬▬▬ ▬▬▬ ▬▬▬▬ ▬▬▬▬▬ ▬▬▬▬ ▬▬▬ ▬▬▬▬▬▬ ▬▬▬ ▬▬▬▬ ▬▬▬▬▬ ▬▬▬ ▬▬▬▬▬ ▬▬▬▬ ▬▬▬▬▬▬ ▬▬▬ ▬▬▬▬ ▬▬▬▬▬ ▬▬▬▬ ▬▬▬ ▬▬▬▬▬▬ ▬▬▬ ▬▬▬▬ ▬▬▬▬▬ ▬▬▬ ▬▬▬▬▬ ▬▬▬▬ ▬▬▬▬▬▬ ▬▬▬ ▬▬▬▬ ▬▬▬▬▬ ▬▬▬▬ ▬▬▬ ▬▬▬▬▬▬ ▬▬▬ ▬▬▬▬ ▬▬▬▬▬ ▬▬▬ ▬▬▬▬▬ ▬▬▬▬ ▬▬▬▬▬▬ ▬▬▬ ▬▬▬▬ ▬▬▬▬▬ ▬▬▬▬ ▬▬▬ ▬▬▬▬▬▬ ▬▬▬ ▬▬▬▬ ▬▬▬▬▬ ▬▬▬ ▬▬▬▬▬ ▬▬▬▬ ▬▬▬▬▬▬ ▬▬▬ ▬▬▬▬ ▬▬▬▬▬ ▬▬▬▬ ▬▬▬ ▬▬▬▬▬▬ ▬▬▬ ▬▬▬▬ ▬▬▬▬▬ ▬▬▬ ▬▬▬▬▬ ▬▬▬▬ ▬▬▬▬▬▬ ▬▬▬ ▬▬▬▬ ▬▬▬▬▬ ▬▬▬▬ ▬▬▬ ▬▬▬▬▬▬ ▬▬▬ ▬▬▬▬ ▬▬▬▬▬ ▬▬▬ ▬▬▬▬▬ ▬▬▬▬ ▬▬▬▬▬▬ ▬▬▬ ▬▬▬▬
Въ Вол. о-вѣ народного театра.
▬▬▬ ▬▬▬▬▬ ▬▬ ▬▬▬▬ ▬▬▬▬▬▬ ▬▬▬ ▬▬▬▬▬ ▬▬▬▬ ▬▬▬ ▬▬▬▬▬▬ ▬▬▬▬ ▬▬ ▬▬▬▬▬ ▬▬▬ ▬▬▬▬ ▬▬▬▬▬▬ ▬▬▬▬ ▬▬▬ ▬▬▬▬▬ ▬▬▬ ▬▬▬▬ ▬▬▬▬▬ ▬▬▬ ▬▬▬▬▬ ▬▬▬▬ ▬▬▬▬▬▬ ▬▬▬ ▬▬▬▬ ▬▬▬▬▬ ▬▬▬▬ ▬▬▬ ▬▬▬▬▬▬ ▬▬▬ ▬▬▬▬ ▬▬▬▬▬ ▬▬▬
Въ больничной кассѣ.
▬▬▬▬ ▬▬▬ ▬▬▬▬▬ ▬▬▬ ▬▬▬▬ ▬▬▬▬▬▬ ▬▬ ▬▬▬▬ ▬▬▬▬▬ ▬▬▬ ▬▬▬▬▬ ▬▬▬▬ ▬▬▬ ▬▬▬▬▬▬ ▬▬▬▬ ▬▬▬▬▬ ▬▬▬ ▬▬▬▬ ▬▬▬▬▬▬ ▬▬▬▬ ▬▬▬ ▬▬▬▬▬ ▬▬▬ ▬▬▬▬ ▬▬▬▬▬ ▬▬▬ ▬▬▬▬▬ ▬▬▬▬ ▬▬▬▬▬▬ ▬▬▬ ▬▬▬▬ ▬▬▬▬▬ ▬▬▬▬ ▬▬▬ ▬▬▬▬▬▬ ▬▬▬ ▬▬▬▬ ▬▬▬▬▬ ▬▬▬ ▬▬▬▬▬ ▬▬▬▬ ▬▬▬▬▬▬ ▬▬▬ ▬▬▬▬
Женский день.
▬▬▬ ▬▬▬▬▬ ▬▬ ▬▬▬▬ ▬▬▬▬▬▬ ▬▬▬ ▬▬▬▬▬ ▬▬▬▬ ▬▬▬ ▬▬▬▬▬▬ ▬▬▬▬ ▬▬ ▬▬▬▬▬ ▬▬▬ ▬▬▬▬ ▬▬▬▬▬▬ ▬▬▬▬ ▬▬▬ ▬▬▬▬▬ ▬▬▬ ▬▬▬▬ ▬▬▬▬▬ ▬▬▬ ▬▬▬▬▬ ▬▬▬▬ ▬▬▬▬▬▬ ▬▬▬ ▬▬▬▬ ▬▬▬▬▬ ▬▬▬▬ ▬▬▬ ▬▬▬▬▬▬
Музыкально-вокально-танцевальный вечеръ.
▬▬▬▬ ▬▬▬ ▬▬▬▬▬ ▬▬▬ ▬▬▬▬ ▬▬▬▬▬▬ ▬▬ ▬▬▬▬ ▬▬▬▬▬ ▬▬▬ ▬▬▬▬▬ ▬▬▬▬ ▬▬▬ ▬▬▬▬▬▬ ▬▬▬▬ ▬▬▬▬▬ ▬▬▬ ▬▬▬▬ ▬▬▬▬▬▬ ▬▬▬▬ ▬▬▬ ▬▬▬▬▬
Благотворительный вечеръ.
▬▬▬ ▬▬▬▬▬ ▬▬ ▬▬▬▬ ▬▬▬▬▬▬ ▬▬▬ ▬▬▬▬▬ ▬▬▬▬ ▬▬▬ ▬▬▬▬▬▬ ▬▬▬▬ ▬▬ ▬▬▬▬▬ ▬▬▬ ▬▬▬▬ ▬▬▬▬▬▬ ▬▬▬▬ ▬▬▬ ▬▬▬▬▬ ▬▬▬ ▬▬▬▬ ▬▬▬▬▬
Собрания.
▬▬▬▬ ▬▬▬ ▬▬▬▬▬ ▬▬▬ ▬▬▬▬ ▬▬▬▬▬▬ ▬▬ ▬▬▬▬ ▬▬▬▬▬ ▬▬▬ ▬▬▬▬▬ ▬▬▬▬ ▬▬▬ ▬▬▬▬▬▬ ▬▬▬▬ ▬▬▬▬▬ ▬▬▬ ▬▬▬▬ ▬▬▬▬▬▬ ▬▬▬▬ ▬▬▬ ▬▬▬▬▬ ▬▬▬ ▬▬▬▬ ▬▬▬▬▬ ▬▬▬ ▬▬▬▬▬ ▬▬▬▬ ▬▬▬▬▬▬ ▬▬▬ ▬▬▬▬ ▬▬▬▬▬ ▬▬▬▬ ▬▬▬ ▬▬▬▬▬▬ ▬▬▬ ▬▬▬▬ ▬▬▬▬▬ ▬▬▬ ▬▬▬▬▬ ▬▬▬▬ ▬▬▬▬▬▬ ▬▬▬ ▬▬▬▬ ▬▬▬▬ ▬▬▬▬▬ ▬▬▬ ▬▬▬▬▬▬ ▬▬▬ ▬▬▬▬ ▬▬▬▬▬ ▬▬▬▬ ▬▬▬ ▬▬▬▬▬▬ ▬▬▬ ▬▬▬▬ ▬▬▬▬▬ ▬▬▬ ▬▬▬▬▬ ▬▬▬▬ ▬▬▬▬▬▬ ▬▬▬ ▬▬▬▬ ▬▬▬▬▬ ▬▬▬▬ ▬▬▬ ▬▬▬▬▬▬ ▬▬▬ ▬▬▬▬ ▬▬▬▬▬ ▬▬▬ ▬▬▬▬▬ ▬▬▬▬ ▬▬▬▬▬▬ ▬▬▬ ▬▬▬▬ ▬▬▬▬▬ ▬▬▬▬ ▬▬▬ ▬▬▬▬▬▬ ▬▬▬ ▬▬▬▬ ▬▬▬▬▬ ▬▬▬ ▬▬▬▬▬ ▬▬▬▬ ▬▬▬▬▬▬ ▬▬▬ ▬▬▬▬ ▬▬▬▬▬ ▬▬▬▬ ▬▬▬ ▬▬▬▬▬▬ ▬▬▬ ▬▬▬▬ ▬▬▬▬▬ ▬▬▬ ▬▬▬▬▬ ▬▬▬▬ ▬▬▬▬▬▬ ▬▬▬ ▬▬▬▬ ▬▬▬▬▬ ▬▬▬▬ ▬▬▬ ▬▬▬▬▬▬ ▬▬▬ ▬▬▬▬ ▬▬▬▬▬ ▬▬▬ ▬▬▬▬▬ ▬▬▬▬ ▬▬▬▬▬▬ ▬▬▬ ▬▬▬▬ ▬▬▬▬▬ ▬▬▬▬ ▬▬▬ ▬▬▬▬▬▬ ▬▬▬ ▬▬▬▬ ▬▬▬▬▬ ▬▬▬ ▬▬▬▬▬ ▬▬▬▬ ▬▬▬▬▬▬ ▬▬▬ ▬▬▬▬ ▬▬▬▬▬ ▬▬▬▬ ▬▬▬ ▬▬▬▬▬▬ ▬▬▬ ▬▬▬▬ ▬▬▬▬▬ ▬▬▬ ▬▬▬▬▬ ▬▬▬▬ ▬▬▬▬▬▬ ▬▬▬ ▬▬▬▬
